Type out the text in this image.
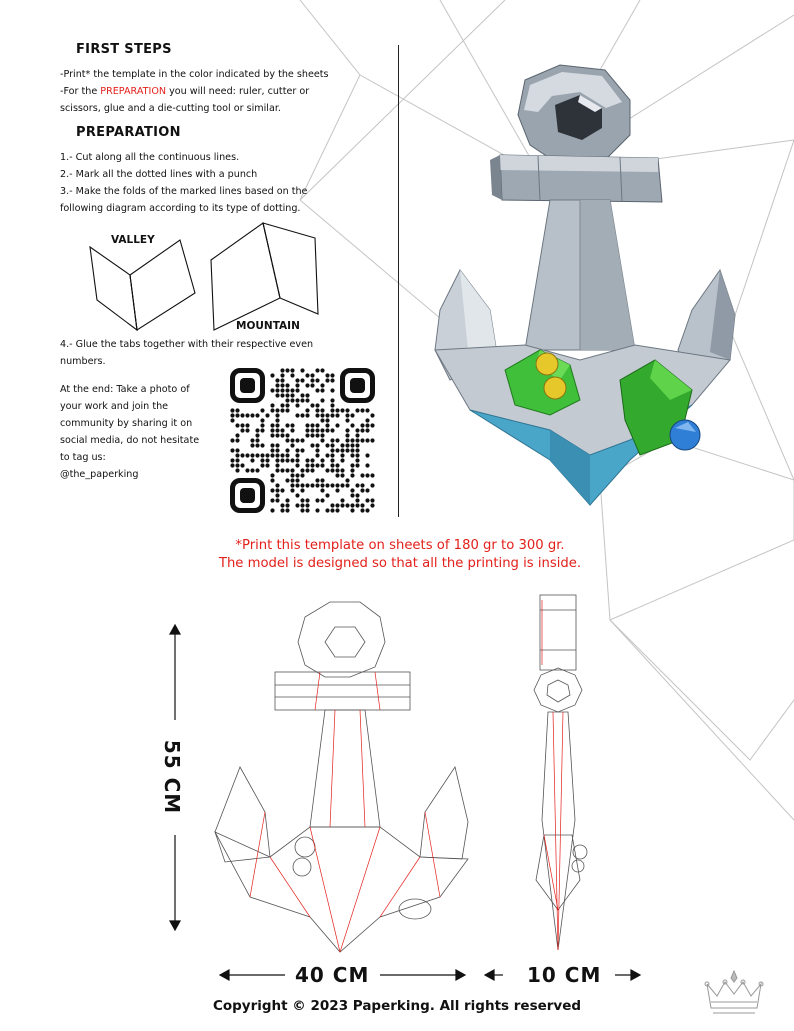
FIRST STEPS
-Print* the template in the color indicated by the sheets
-For the PREPARATION you will need: ruler, cutter or
scissors, glue and a die-cutting tool or similar.
PREPARATION
1.- Cut along all the continuous lines.
2.- Mark all the dotted lines with a punch
3.- Make the folds of the marked lines based on the
following diagram according to its type of dotting.
VALLEY
MOUNTAIN
4.- Glue the tabs together with their respective even
numbers.
At the end: Take a photo of
your work and join the
community by sharing it on
social media, do not hesitate
to tag us:
@the_paperking
*Print this template on sheets of 180 gr to 300 gr.
The model is designed so that all the printing is inside.
55 CM
40 CM	10 CM
Copyright © 2023 Paperking. All rights reserved
